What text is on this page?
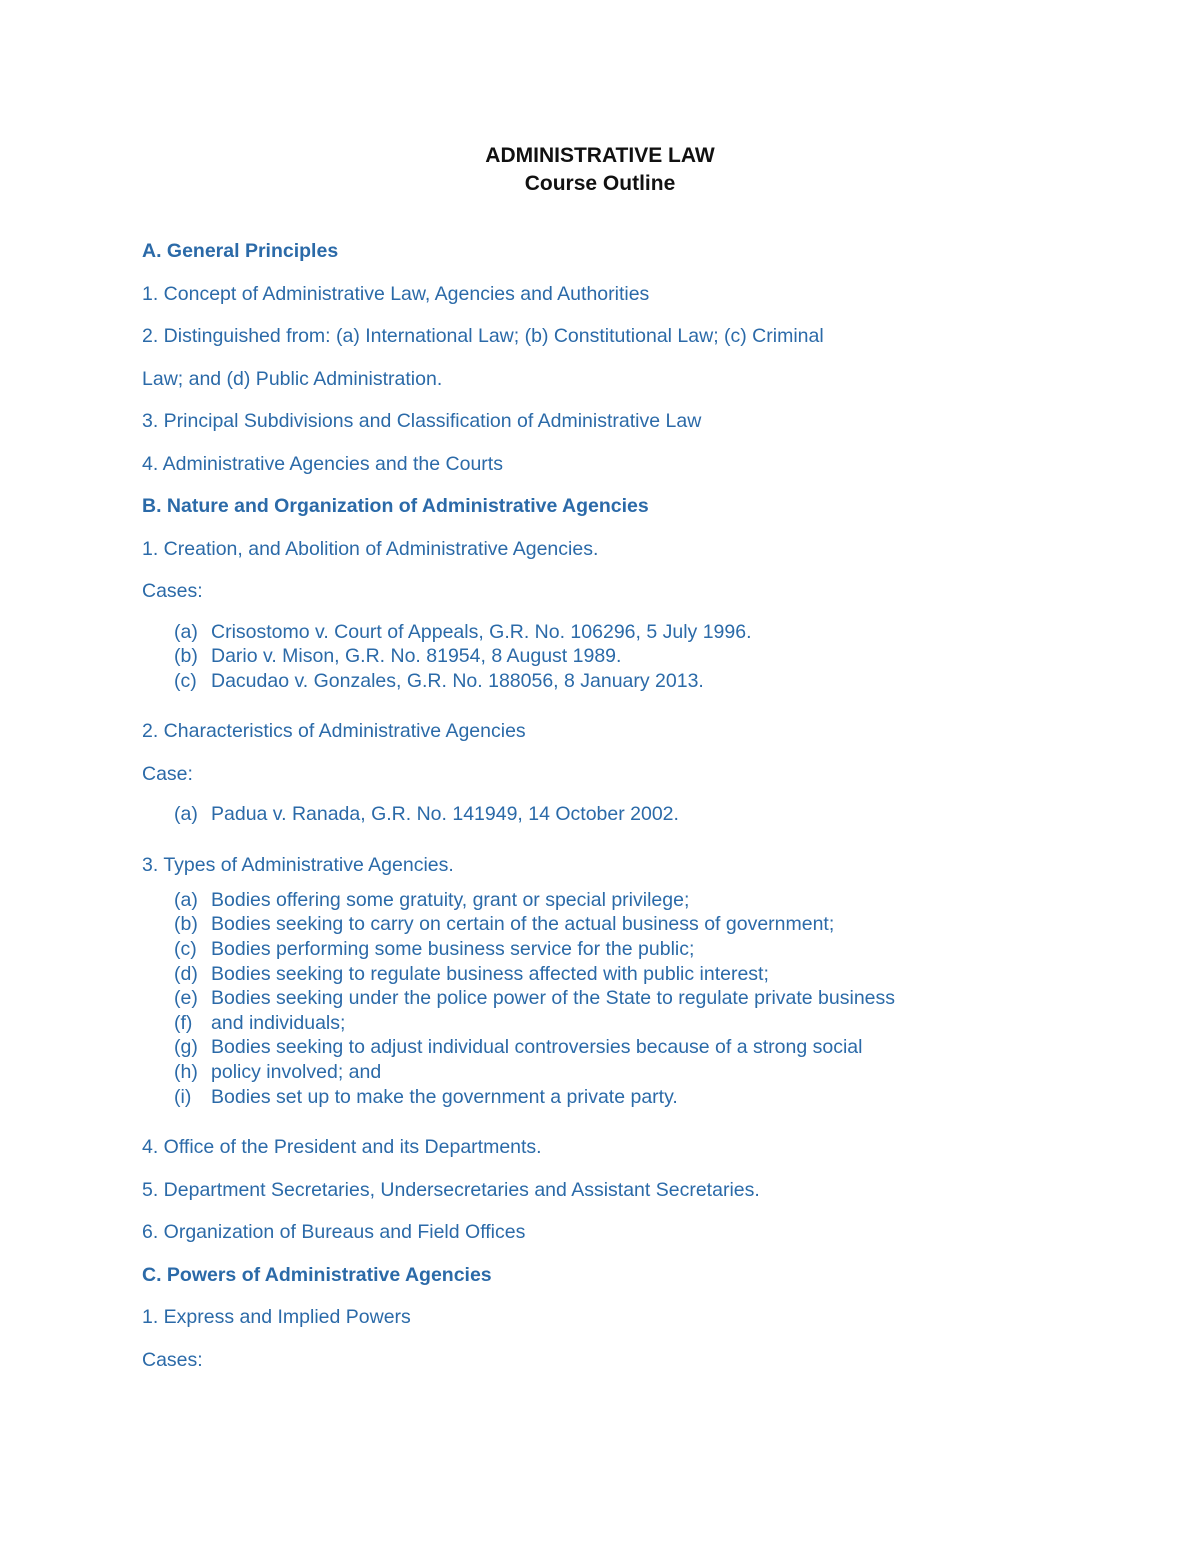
ADMINISTRATIVE LAW
Course Outline
A. General Principles
1. Concept of Administrative Law, Agencies and Authorities
2. Distinguished from: (a) International Law; (b) Constitutional Law; (c) Criminal
Law; and (d) Public Administration.
3. Principal Subdivisions and Classification of Administrative Law
4. Administrative Agencies and the Courts
B. Nature and Organization of Administrative Agencies
1. Creation, and Abolition of Administrative Agencies.
Cases:
(a) Crisostomo v. Court of Appeals, G.R. No. 106296, 5 July 1996.
(b) Dario v. Mison, G.R. No. 81954, 8 August 1989.
(c) Dacudao v. Gonzales, G.R. No. 188056, 8 January 2013.
2. Characteristics of Administrative Agencies
Case:
(a) Padua v. Ranada, G.R. No. 141949, 14 October 2002.
3. Types of Administrative Agencies.
(a) Bodies offering some gratuity, grant or special privilege;
(b) Bodies seeking to carry on certain of the actual business of government;
(c) Bodies performing some business service for the public;
(d) Bodies seeking to regulate business affected with public interest;
(e) Bodies seeking under the police power of the State to regulate private business
(f) and individuals;
(g) Bodies seeking to adjust individual controversies because of a strong social
(h) policy involved; and
(i) Bodies set up to make the government a private party.
4. Office of the President and its Departments.
5. Department Secretaries, Undersecretaries and Assistant Secretaries.
6. Organization of Bureaus and Field Offices
C. Powers of Administrative Agencies
1. Express and Implied Powers
Cases:
